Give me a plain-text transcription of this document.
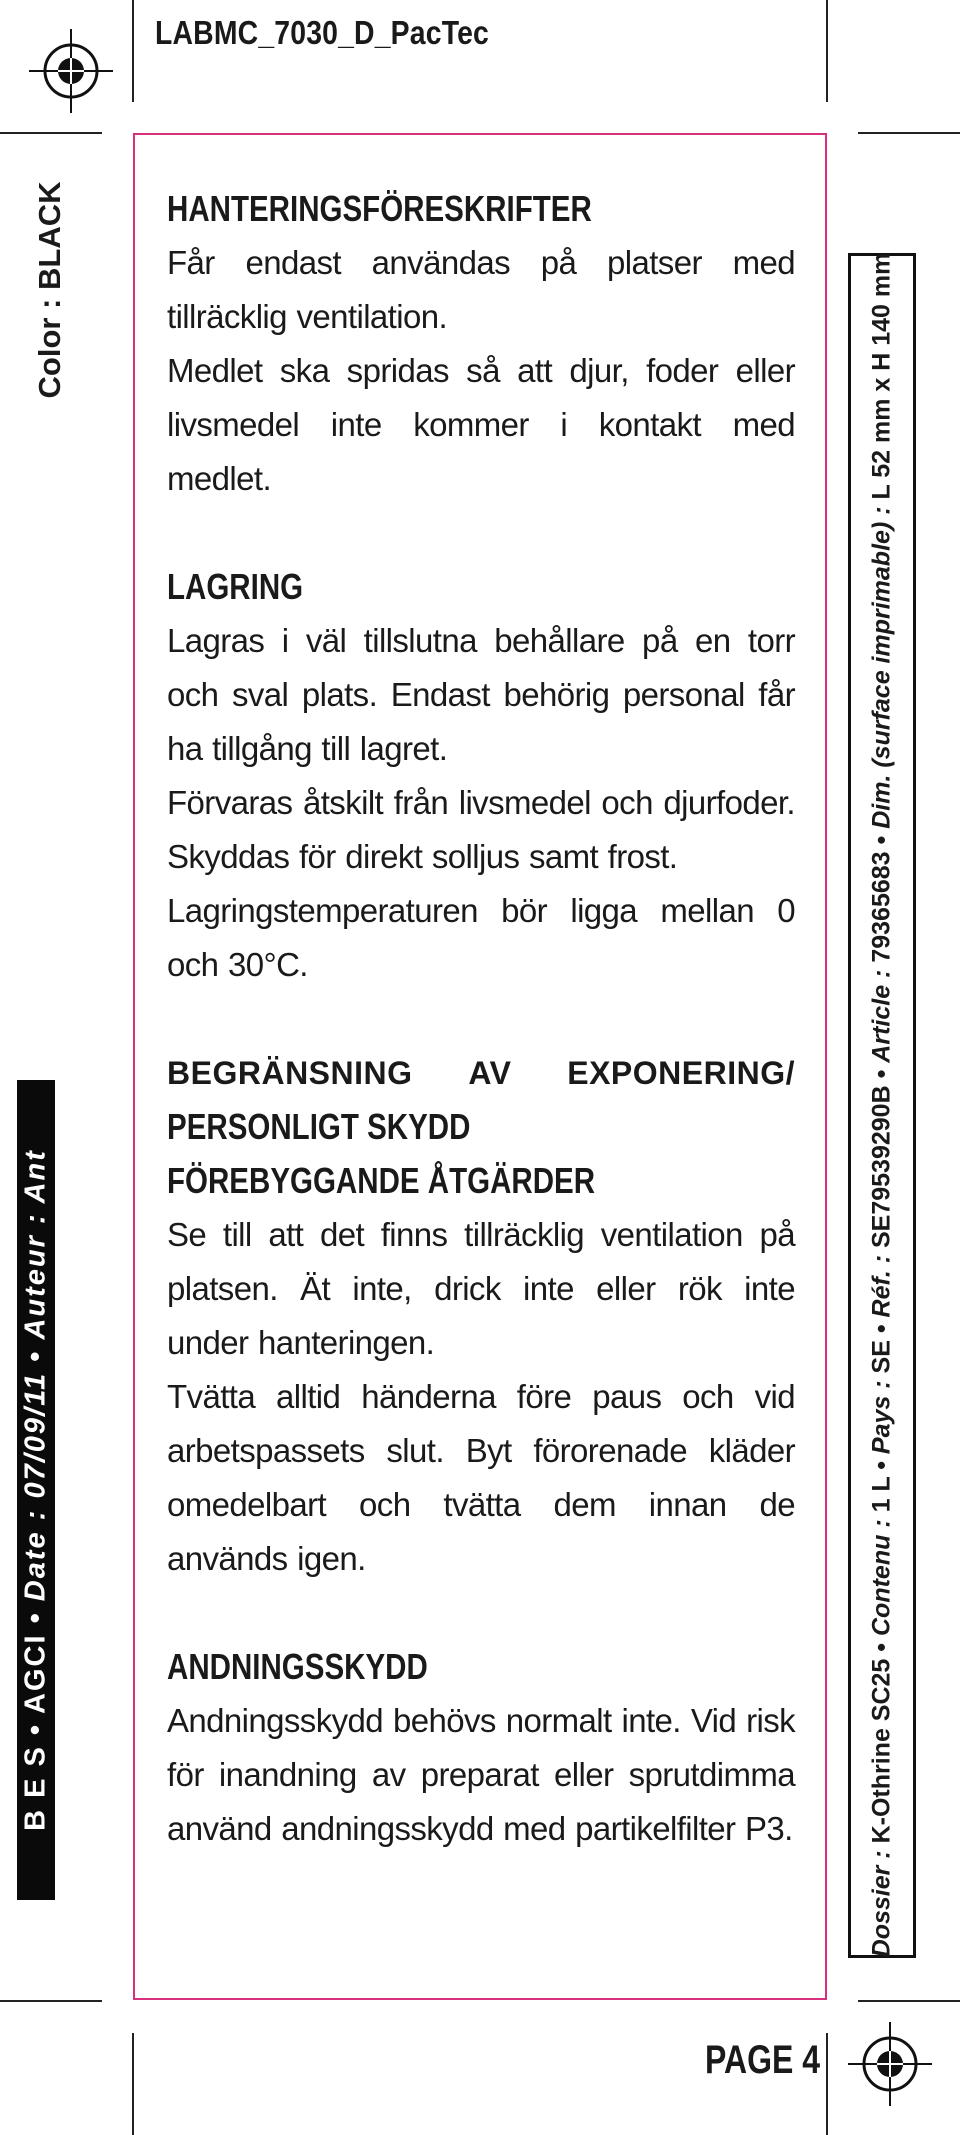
LABMC_7030_D_PacTec
Color : BLACK
B E S • AGCI • Date : 07/09/11 • Auteur : Ant
Dossier : K-Othrine SC25 • Contenu : 1 L • Pays : SE • Réf. : SE79539290B • Article : 79365683 • Dim. (surface imprimable) : L 52 mm x H 140 mm
HANTERINGSFÖRESKRIFTER

Får endast användas på platser med tillräcklig ventilation.

Medlet ska spridas så att djur, foder eller livsmedel inte kommer i kontakt med medlet.

LAGRING

Lagras i väl tillslutna behållare på en torr och sval plats. Endast behörig personal får ha tillgång till lagret.

Förvaras åtskilt från livsmedel och djurfoder. Skyddas för direkt solljus samt frost.

Lagringstemperaturen bör ligga mellan 0 och 30°C.

BEGRÄNSNING AV EXPONERING/
PERSONLIGT SKYDD
FÖREBYGGANDE ÅTGÄRDER

Se till att det finns tillräcklig ventilation på platsen. Ät inte, drick inte eller rök inte under hanteringen.

Tvätta alltid händerna före paus och vid arbetspassets slut. Byt förorenade kläder omedelbart och tvätta dem innan de används igen.

ANDNINGSSKYDD

Andningsskydd behövs normalt inte. Vid risk för inandning av preparat eller sprutdimma använd andningsskydd med partikelfilter P3.

PAGE 4
